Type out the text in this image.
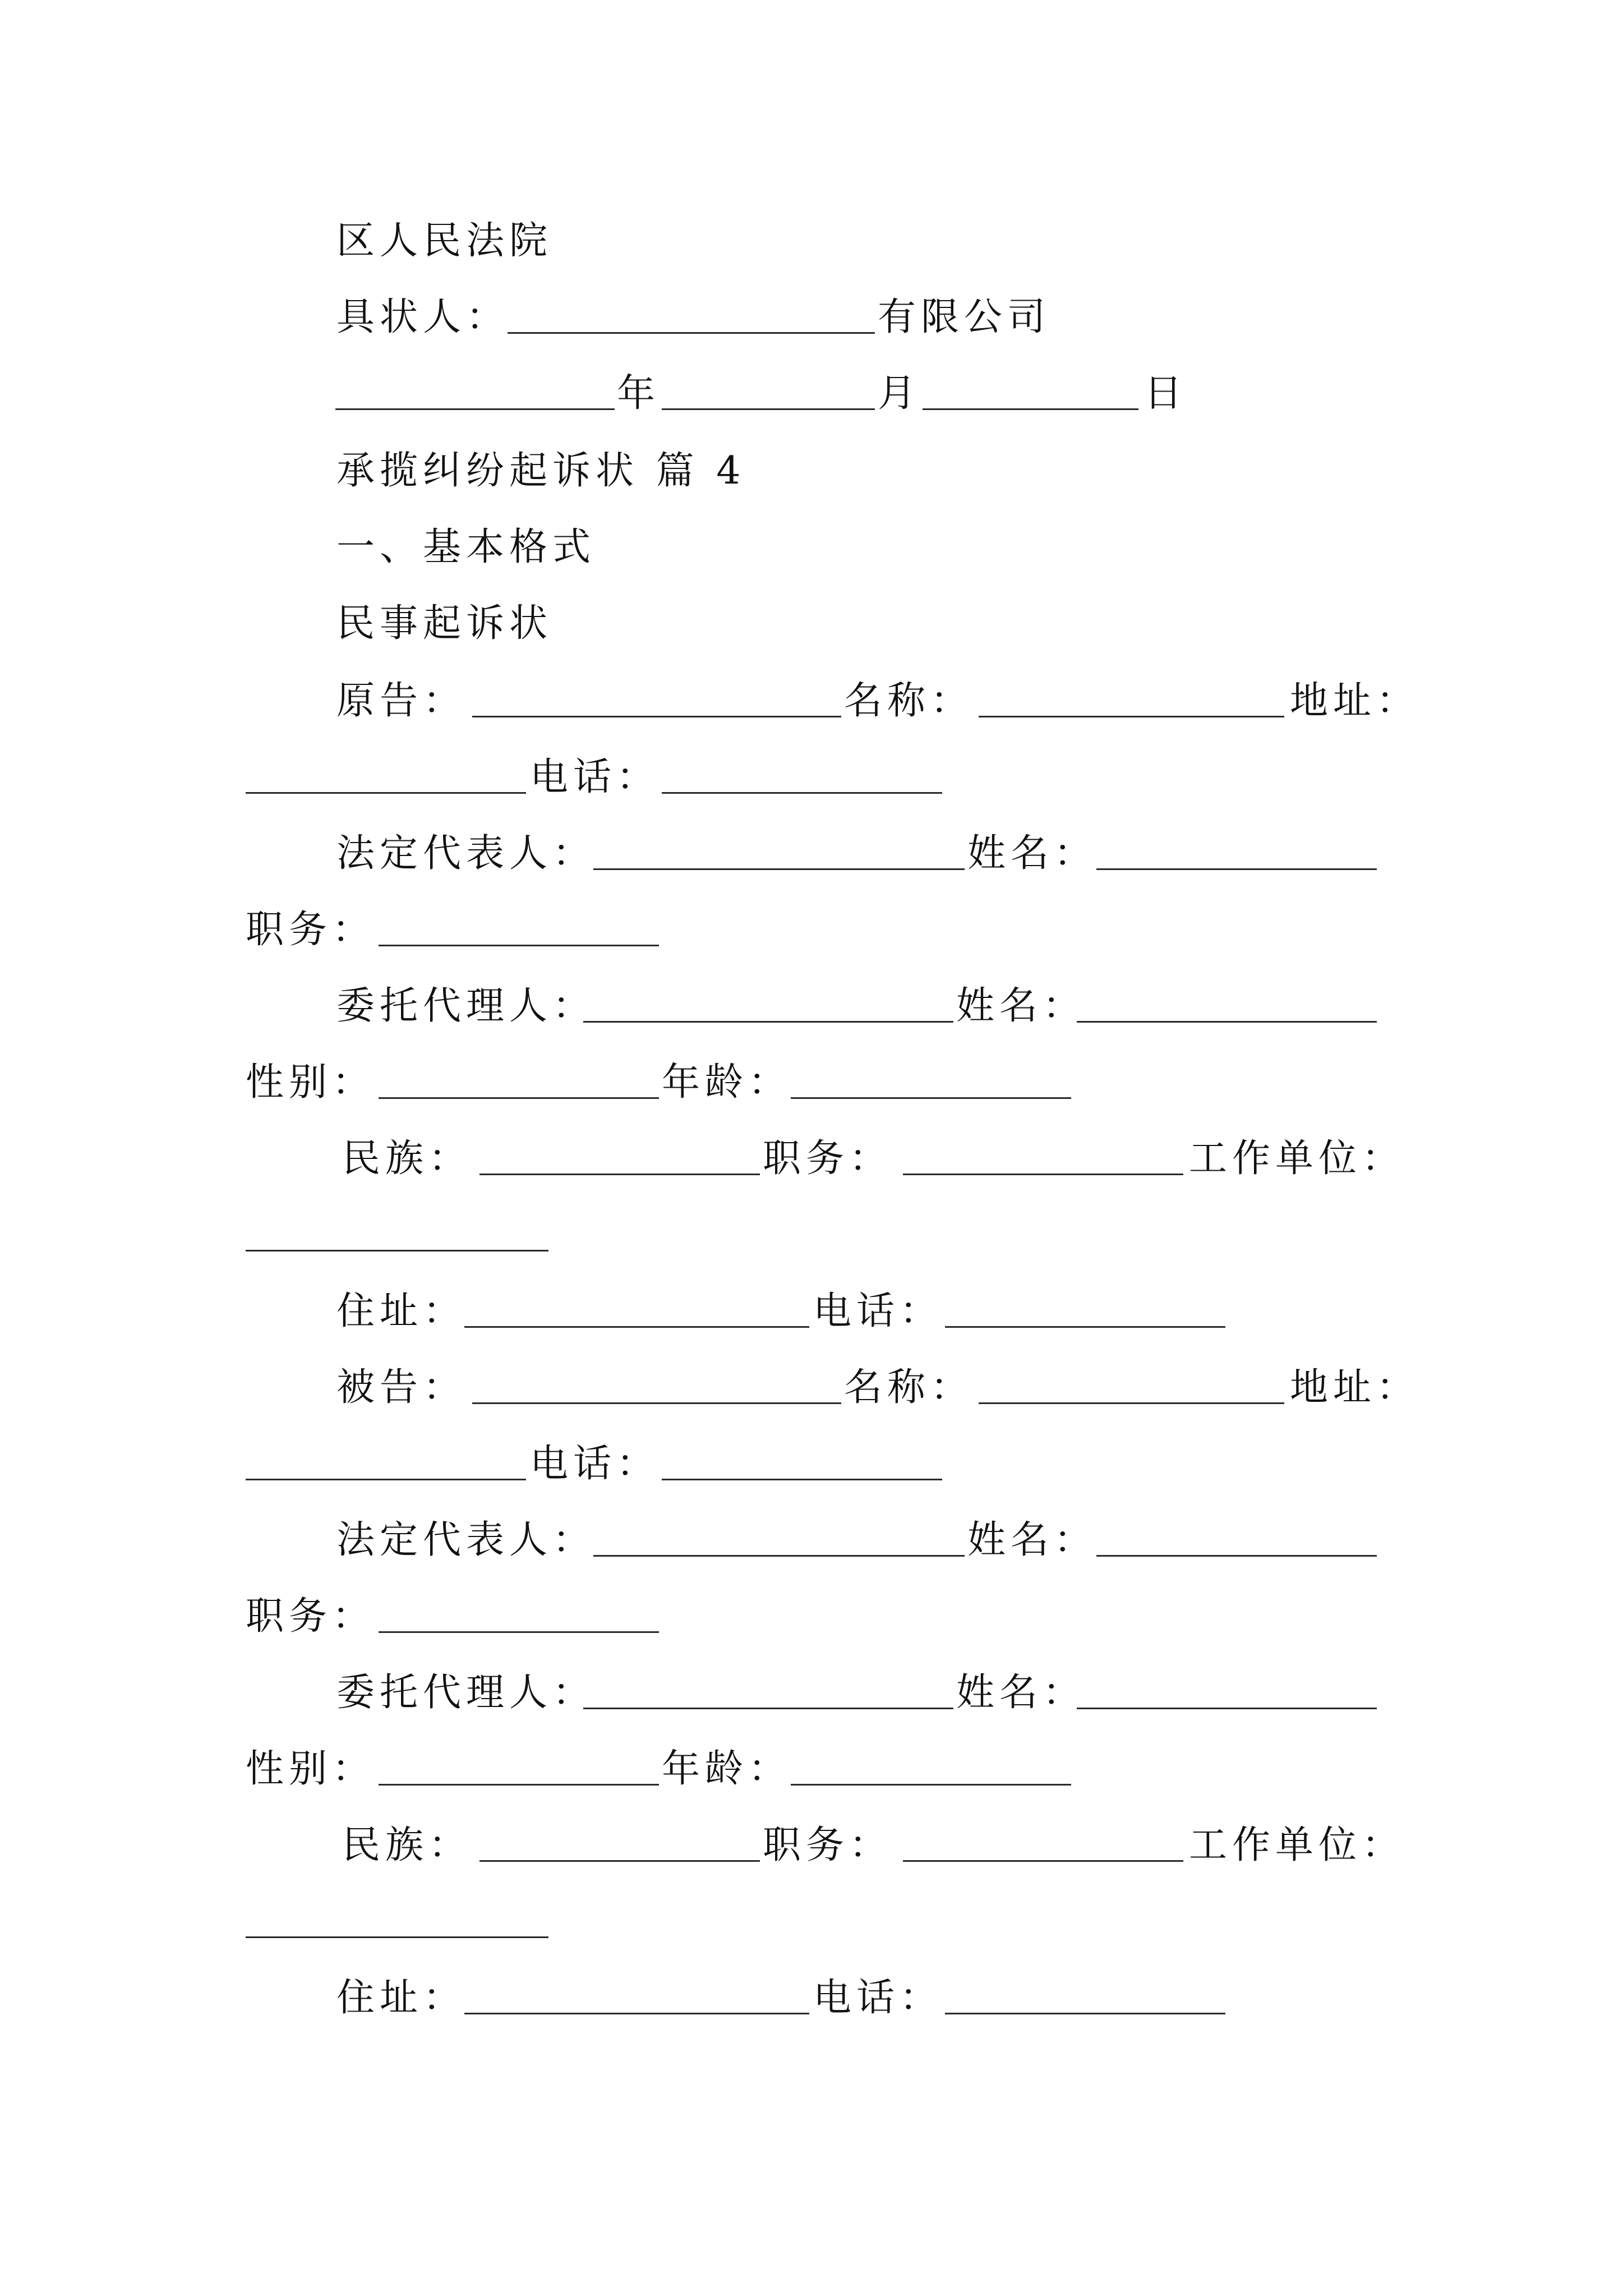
区人民法院
具状人：	有限公司
年	月	日
承揽纠纷起诉状 篇 4
一、基本格式
民事起诉状
原告：	名称：	地址：
电话：
法定代表人：	姓名：
职务：
委托代理人：	姓名：
性别：	年龄：
民族：	职务：	工作单位：
住址：	电话：
被告：	名称：	地址：
电话：
法定代表人：	姓名：
职务：
委托代理人：	姓名：
性别：	年龄：
民族：	职务：	工作单位：
住址：	电话：
